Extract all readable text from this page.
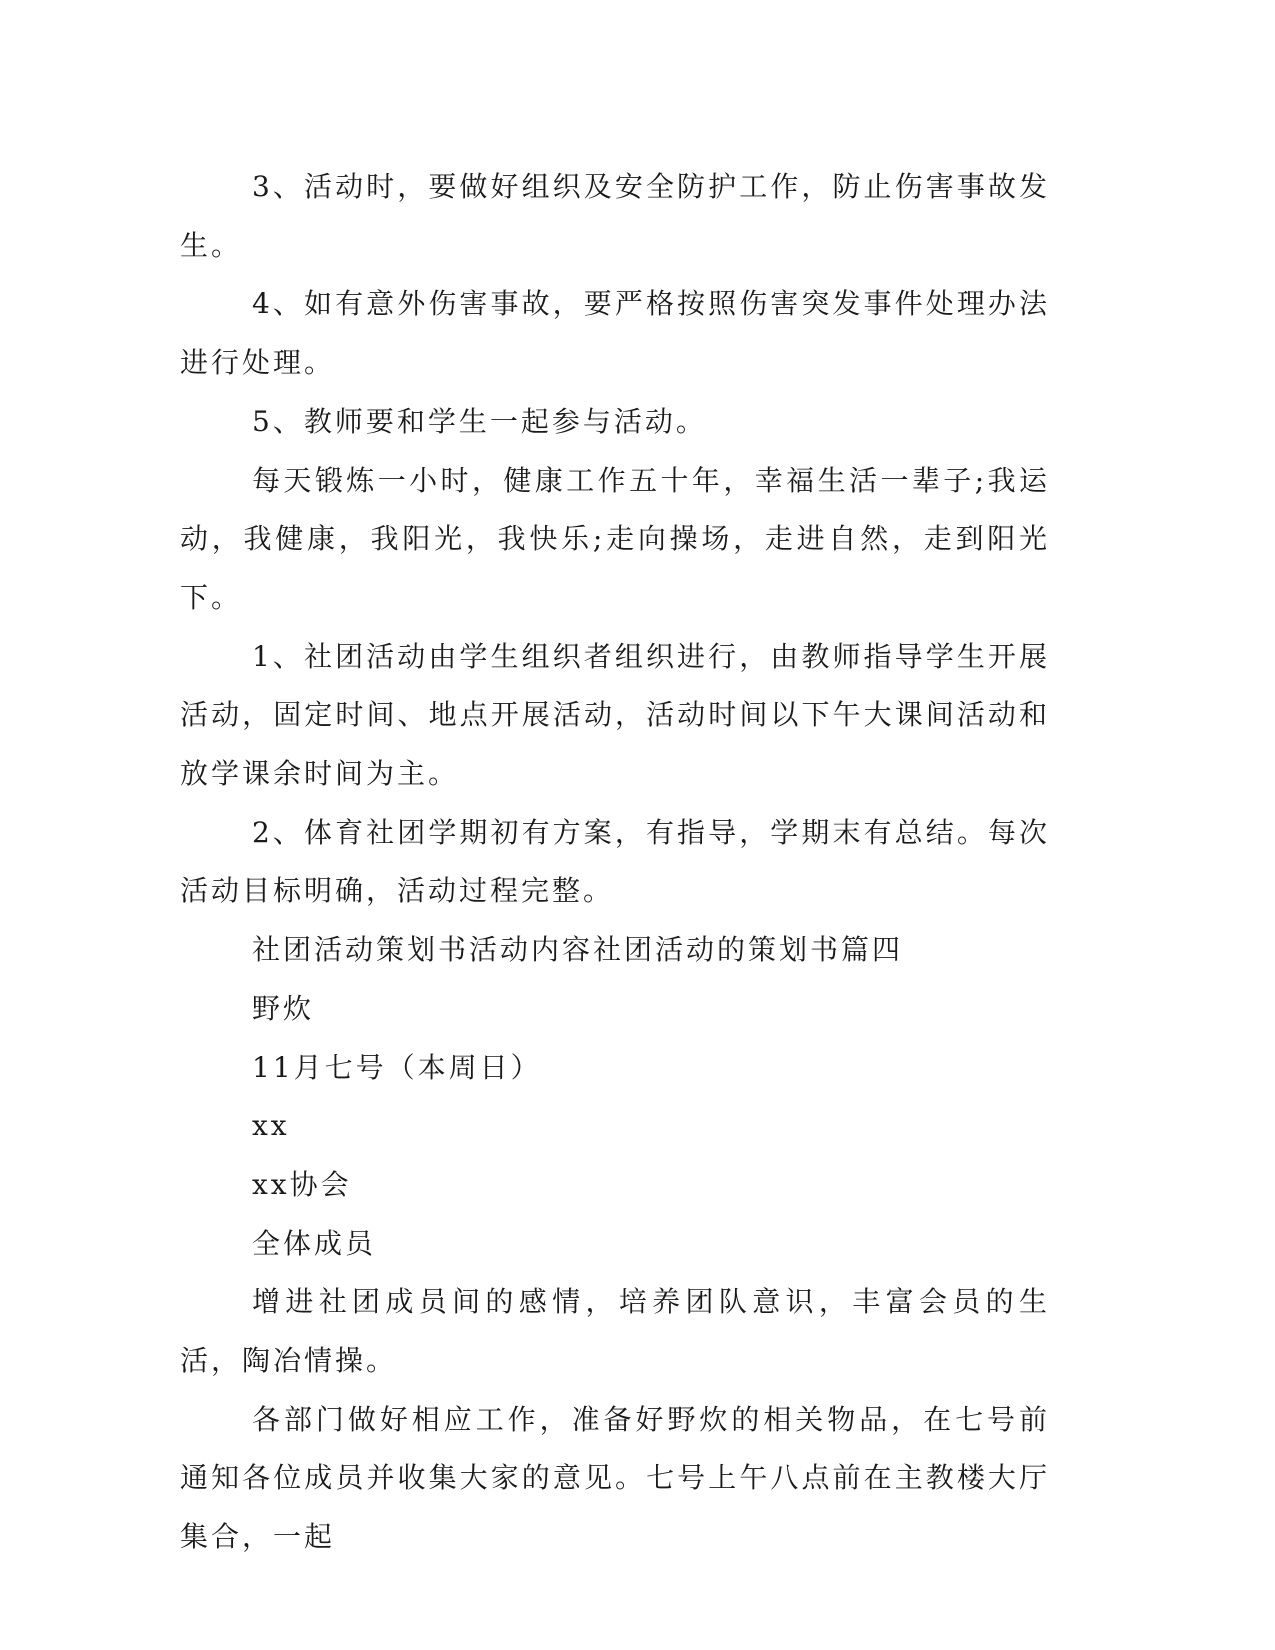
3、活动时，要做好组织及安全防护工作，防止伤害事故发生。

4、如有意外伤害事故，要严格按照伤害突发事件处理办法进行处理。

5、教师要和学生一起参与活动。

每天锻炼一小时，健康工作五十年，幸福生活一辈子;我运动，我健康，我阳光，我快乐;走向操场，走进自然，走到阳光下。

1、社团活动由学生组织者组织进行，由教师指导学生开展活动，固定时间、地点开展活动，活动时间以下午大课间活动和放学课余时间为主。

2、体育社团学期初有方案，有指导，学期末有总结。每次活动目标明确，活动过程完整。

社团活动策划书活动内容社团活动的策划书篇四

野炊

11月七号（本周日）

xx

xx协会

全体成员

增进社团成员间的感情，培养团队意识，丰富会员的生活，陶冶情操。

各部门做好相应工作，准备好野炊的相关物品，在七号前通知各位成员并收集大家的意见。七号上午八点前在主教楼大厅集合，一起
